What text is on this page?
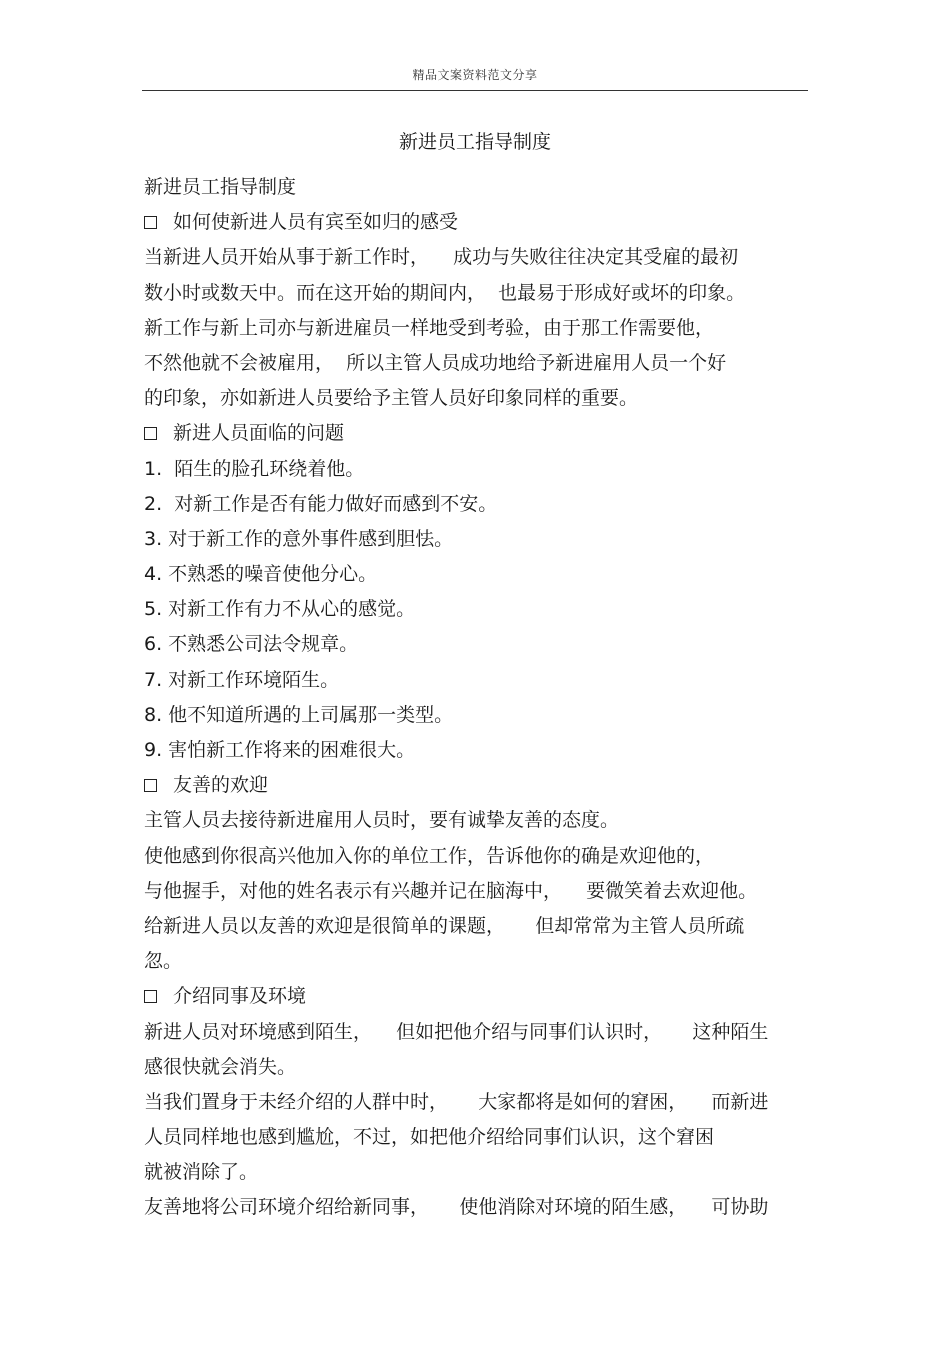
精品文案资料范文分享
新进员工指导制度
新进员工指导制度
如何使新进人员有宾至如归的感受
当新进人员开始从事于新工作时，    成功与失败往往决定其受雇的最初
数小时或数天中。而在这开始的期间内，  也最易于形成好或坏的印象。
新工作与新上司亦与新进雇员一样地受到考验，由于那工作需要他，
不然他就不会被雇用，  所以主管人员成功地给予新进雇用人员一个好
的印象，亦如新进人员要给予主管人员好印象同样的重要。
新进人员面临的问题
1.  陌生的脸孔环绕着他。
2.  对新工作是否有能力做好而感到不安。
3. 对于新工作的意外事件感到胆怯。
4. 不熟悉的噪音使他分心。
5. 对新工作有力不从心的感觉。
6. 不熟悉公司法令规章。
7. 对新工作环境陌生。
8. 他不知道所遇的上司属那一类型。
9. 害怕新工作将来的困难很大。
友善的欢迎
主管人员去接待新进雇用人员时，要有诚挚友善的态度。
使他感到你很高兴他加入你的单位工作，告诉他你的确是欢迎他的，
与他握手，对他的姓名表示有兴趣并记在脑海中，    要微笑着去欢迎他。
给新进人员以友善的欢迎是很简单的课题，     但却常常为主管人员所疏
忽。
介绍同事及环境
新进人员对环境感到陌生，    但如把他介绍与同事们认识时，     这种陌生
感很快就会消失。
当我们置身于未经介绍的人群中时，     大家都将是如何的窘困，    而新进
人员同样地也感到尴尬，不过，如把他介绍给同事们认识，这个窘困
就被消除了。
友善地将公司环境介绍给新同事，     使他消除对环境的陌生感，    可协助
